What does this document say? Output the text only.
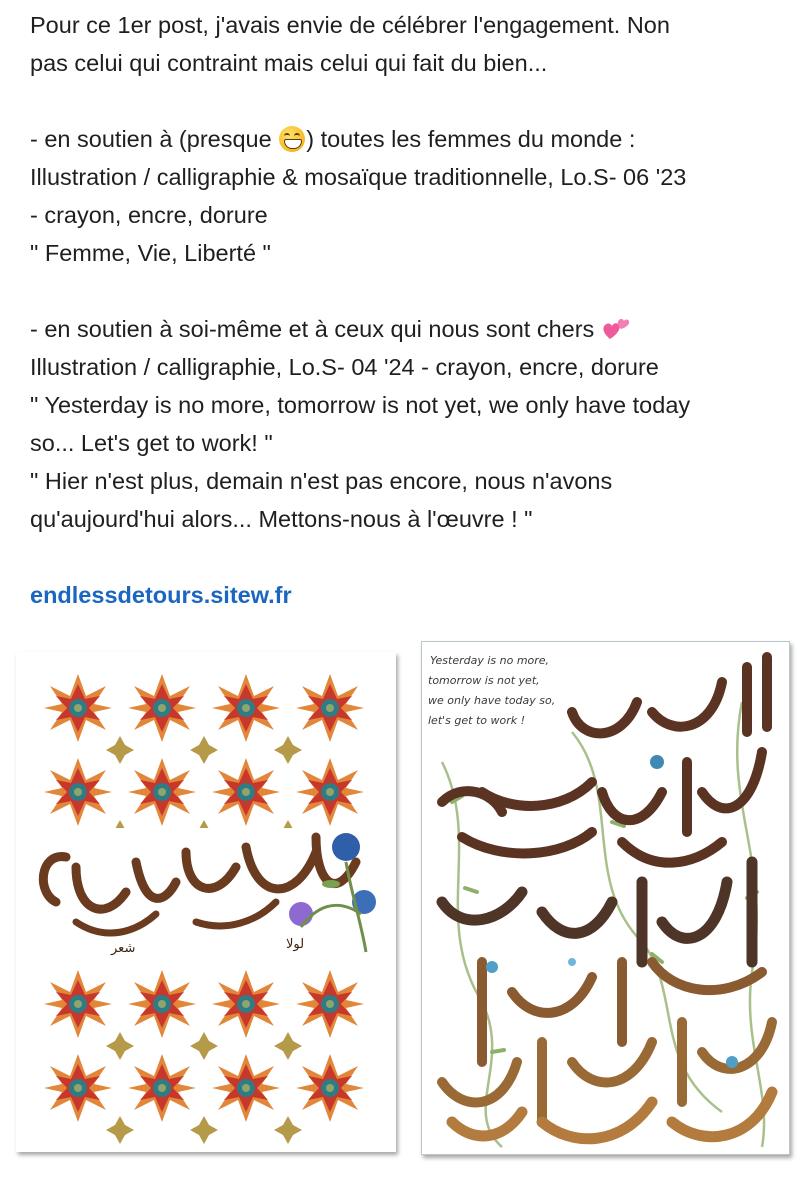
Pour ce 1er post, j'avais envie de célébrer l'engagement. Non
pas celui qui contraint mais celui qui fait du bien...
- en soutien à (presque
) toutes les femmes du monde :
Illustration / calligraphie & mosaïque traditionnelle, Lo.S- 06 '23
- crayon, encre, dorure
" Femme, Vie, Liberté "
- en soutien à soi-même et à ceux qui nous sont chers
Illustration / calligraphie, Lo.S- 04 '24 - crayon, encre, dorure
" Yesterday is no more, tomorrow is not yet, we only have today
so... Let's get to work! "
" Hier n'est plus, demain n'est pas encore, nous n'avons
qu'aujourd'hui alors... Mettons-nous à l'œuvre ! "
endlessdetours.sitew.fr
شعر	لولا
Yesterday is no more,
tomorrow is not yet,
we only have today so,
let's get to work !
